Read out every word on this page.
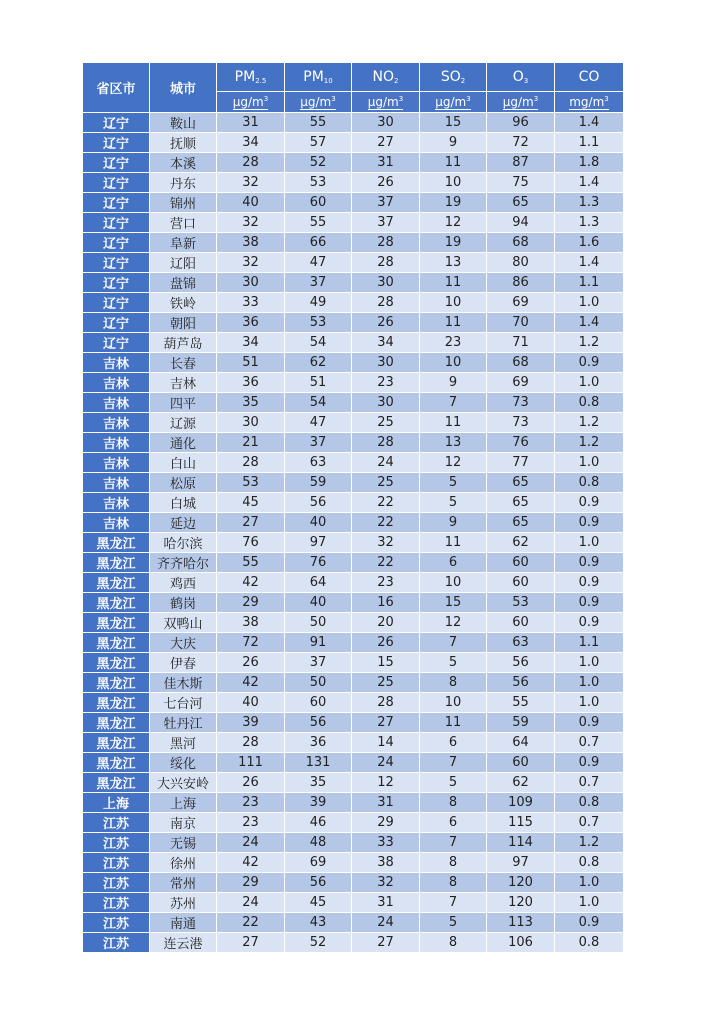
省区市	城市	$PM_{2.5}$	$PM_{10}$	$NO_2$	$SO_2$	$O_3$	CO
		$\mu g/m^3$	$\mu g/m^3$	$\mu g/m^3$	$\mu g/m^3$	$\mu g/m^3$	$mg/m^3$
辽宁	鞍山	31	55	30	15	96	1.4
辽宁	抚顺	34	57	27	9	72	1.1
辽宁	本溪	28	52	31	11	87	1.8
辽宁	丹东	32	53	26	10	75	1.4
辽宁	锦州	40	60	37	19	65	1.3
辽宁	营口	32	55	37	12	94	1.3
辽宁	阜新	38	66	28	19	68	1.6
辽宁	辽阳	32	47	28	13	80	1.4
辽宁	盘锦	30	37	30	11	86	1.1
辽宁	铁岭	33	49	28	10	69	1.0
辽宁	朝阳	36	53	26	11	70	1.4
辽宁	葫芦岛	34	54	34	23	71	1.2
吉林	长春	51	62	30	10	68	0.9
吉林	吉林	36	51	23	9	69	1.0
吉林	四平	35	54	30	7	73	0.8
吉林	辽源	30	47	25	11	73	1.2
吉林	通化	21	37	28	13	76	1.2
吉林	白山	28	63	24	12	77	1.0
吉林	松原	53	59	25	5	65	0.8
吉林	白城	45	56	22	5	65	0.9
吉林	延边	27	40	22	9	65	0.9
黑龙江	哈尔滨	76	97	32	11	62	1.0
黑龙江	齐齐哈尔	55	76	22	6	60	0.9
黑龙江	鸡西	42	64	23	10	60	0.9
黑龙江	鹤岗	29	40	16	15	53	0.9
黑龙江	双鸭山	38	50	20	12	60	0.9
黑龙江	大庆	72	91	26	7	63	1.1
黑龙江	伊春	26	37	15	5	56	1.0
黑龙江	佳木斯	42	50	25	8	56	1.0
黑龙江	七台河	40	60	28	10	55	1.0
黑龙江	牡丹江	39	56	27	11	59	0.9
黑龙江	黑河	28	36	14	6	64	0.7
黑龙江	绥化	111	131	24	7	60	0.9
黑龙江	大兴安岭	26	35	12	5	62	0.7
上海	上海	23	39	31	8	109	0.8
江苏	南京	23	46	29	6	115	0.7
江苏	无锡	24	48	33	7	114	1.2
江苏	徐州	42	69	38	8	97	0.8
江苏	常州	29	56	32	8	120	1.0
江苏	苏州	24	45	31	7	120	1.0
江苏	南通	22	43	24	5	113	0.9
江苏	连云港	27	52	27	8	106	0.8
